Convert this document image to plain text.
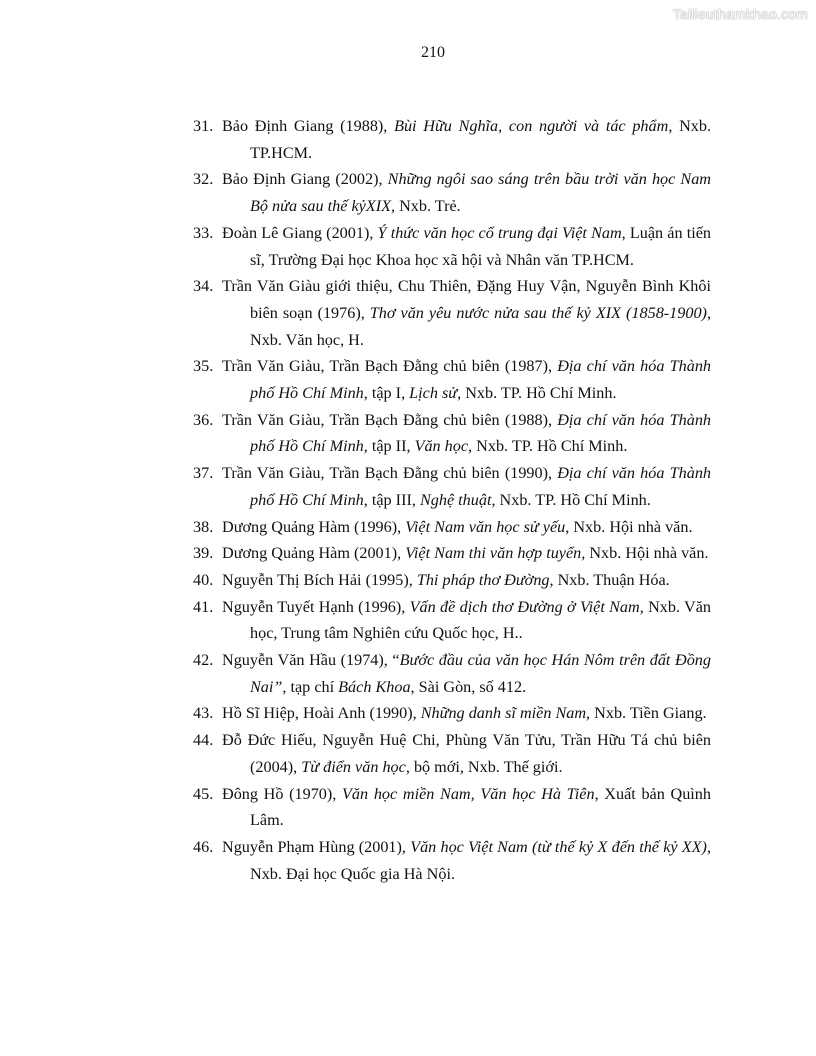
Tailieuthamkhao.com
210

31. Bảo Định Giang (1988), Bùi Hữu Nghĩa, con người và tác phẩm, Nxb. TP.HCM.

32. Bảo Định Giang (2002), Những ngôi sao sáng trên bầu trời văn học Nam Bộ nửa sau thế kỷXIX, Nxb. Trẻ.

33. Đoàn Lê Giang (2001), Ý thức văn học cổ trung đại Việt Nam, Luận án tiến sĩ, Trường Đại học Khoa học xã hội và Nhân văn TP.HCM.

34. Trần Văn Giàu giới thiệu, Chu Thiên, Đặng Huy Vận, Nguyễn Bình Khôi biên soạn (1976), Thơ văn yêu nước nửa sau thế kỷ XIX (1858-1900), Nxb. Văn học, H.

35. Trần Văn Giàu, Trần Bạch Đằng chủ biên (1987), Địa chí văn hóa Thành phố Hồ Chí Minh, tập I, Lịch sử, Nxb. TP. Hồ Chí Minh.

36. Trần Văn Giàu, Trần Bạch Đằng chủ biên (1988), Địa chí văn hóa Thành phố Hồ Chí Minh, tập II, Văn học, Nxb. TP. Hồ Chí Minh.

37. Trần Văn Giàu, Trần Bạch Đằng chủ biên (1990), Địa chí văn hóa Thành phố Hồ Chí Minh, tập III, Nghệ thuật, Nxb. TP. Hồ Chí Minh.

38. Dương Quảng Hàm (1996), Việt Nam văn học sử yếu, Nxb. Hội nhà văn.

39. Dương Quảng Hàm (2001), Việt Nam thi văn hợp tuyển, Nxb. Hội nhà văn.

40. Nguyễn Thị Bích Hải (1995), Thi pháp thơ Đường, Nxb. Thuận Hóa.

41. Nguyễn Tuyết Hạnh (1996), Vấn đề dịch thơ Đường ở Việt Nam, Nxb. Văn học, Trung tâm Nghiên cứu Quốc học, H..

42. Nguyễn Văn Hầu (1974), “Bước đầu của văn học Hán Nôm trên đất Đồng Nai”, tạp chí Bách Khoa, Sài Gòn, số 412.

43. Hồ Sĩ Hiệp, Hoài Anh (1990), Những danh sĩ miền Nam, Nxb. Tiền Giang.

44. Đỗ Đức Hiếu, Nguyễn Huệ Chi, Phùng Văn Tửu, Trần Hữu Tá chủ biên (2004), Từ điển văn học, bộ mới, Nxb. Thế giới.

45. Đông Hồ (1970), Văn học miền Nam, Văn học Hà Tiên, Xuất bản Quình Lâm.

46. Nguyễn Phạm Hùng (2001), Văn học Việt Nam (từ thế kỷ X đến thế kỷ XX), Nxb. Đại học Quốc gia Hà Nội.
